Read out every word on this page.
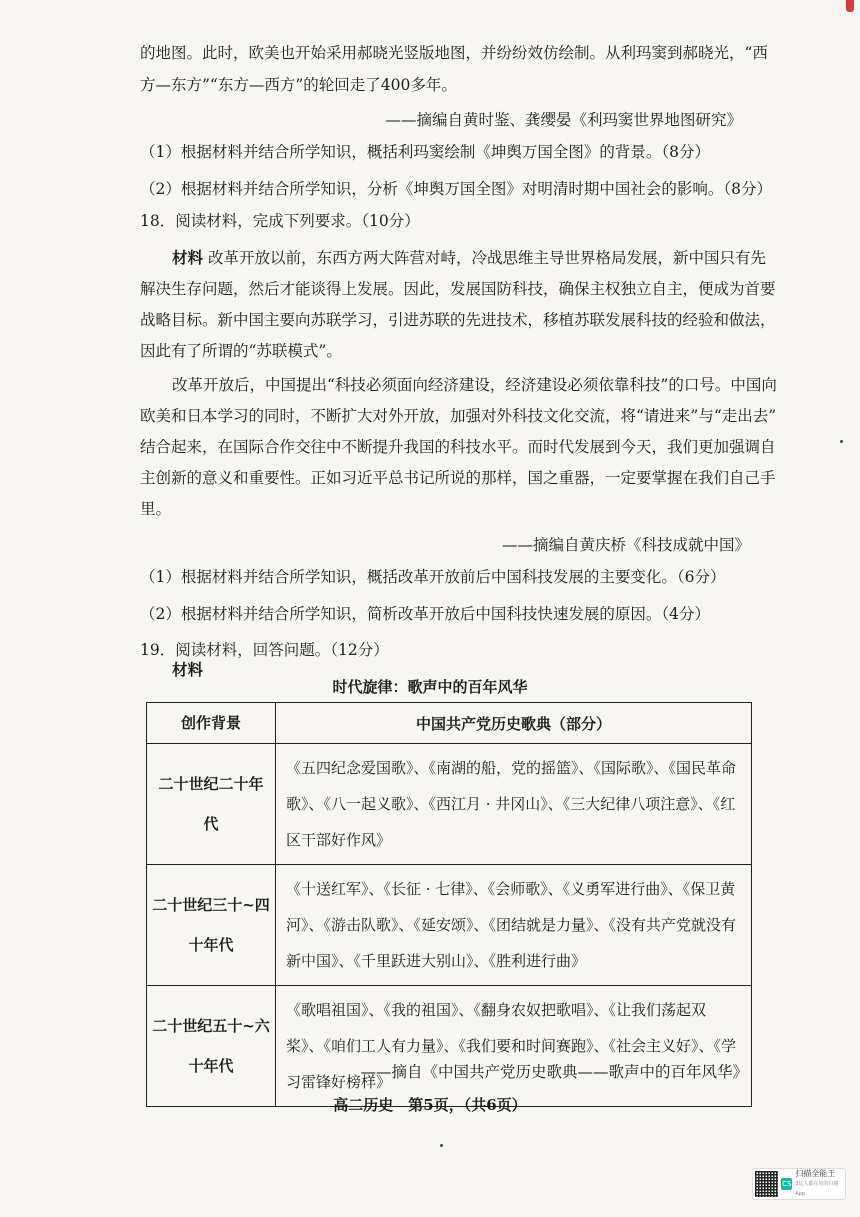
的地图。此时，欧美也开始采用郝晓光竖版地图，并纷纷效仿绘制。从利玛窦到郝晓光，“西
方—东方”“东方—西方”的轮回走了400多年。
——摘编自黄时鉴、龚缨晏《利玛窦世界地图研究》
（1）根据材料并结合所学知识，概括利玛窦绘制《坤舆万国全图》的背景。（8分）
（2）根据材料并结合所学知识，分析《坤舆万国全图》对明清时期中国社会的影响。（8分）
18．阅读材料，完成下列要求。（10分）
材料 改革开放以前，东西方两大阵营对峙，冷战思维主导世界格局发展，新中国只有先
解决生存问题，然后才能谈得上发展。因此，发展国防科技，确保主权独立自主，便成为首要
战略目标。新中国主要向苏联学习，引进苏联的先进技术，移植苏联发展科技的经验和做法，
因此有了所谓的“苏联模式”。
改革开放后，中国提出“科技必须面向经济建设，经济建设必须依靠科技”的口号。中国向
欧美和日本学习的同时，不断扩大对外开放，加强对外科技文化交流，将“请进来”与“走出去”
结合起来，在国际合作交往中不断提升我国的科技水平。而时代发展到今天，我们更加强调自
主创新的意义和重要性。正如习近平总书记所说的那样，国之重器，一定要掌握在我们自己手
里。
——摘编自黄庆桥《科技成就中国》
（1）根据材料并结合所学知识，概括改革开放前后中国科技发展的主要变化。（6分）
（2）根据材料并结合所学知识，简析改革开放后中国科技快速发展的原因。（4分）
19．阅读材料，回答问题。（12分）
材料
时代旋律：歌声中的百年风华
创作背景	中国共产党历史歌典（部分）

二十世纪二十年
代	《五四纪念爱国歌》、《南湖的船，党的摇篮》、《国际歌》、《国民革命歌》、《八一起义歌》、《西江月 · 井冈山》、《三大纪律八项注意》、《红区干部好作风》

二十世纪三十~四
十年代	《十送红军》、《长征 · 七律》、《会师歌》、《义勇军进行曲》、《保卫黄河》、《游击队歌》、《延安颂》、《团结就是力量》、《没有共产党就没有新中国》、《千里跃进大别山》、《胜利进行曲》

二十世纪五十~六
十年代	《歌唱祖国》、《我的祖国》、《翻身农奴把歌唱》、《让我们荡起双桨》、《咱们工人有力量》、《我们要和时间赛跑》、《社会主义好》、《学习雷锋好榜样》
——摘自《中国共产党历史歌典——歌声中的百年风华》
高二历史　第5页，（共6页）
CS
扫描全能王
3亿人都在用的扫描App
